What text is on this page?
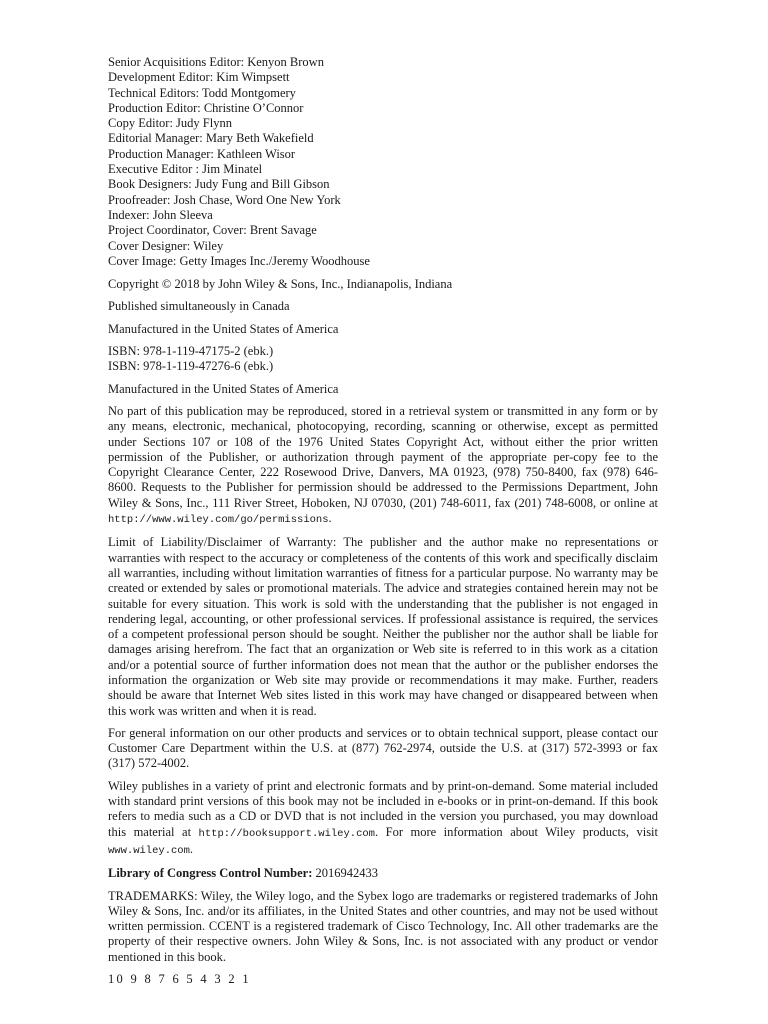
Senior Acquisitions Editor: Kenyon Brown
Development Editor: Kim Wimpsett
Technical Editors: Todd Montgomery
Production Editor: Christine O’Connor
Copy Editor: Judy Flynn
Editorial Manager: Mary Beth Wakefield
Production Manager: Kathleen Wisor
Executive Editor : Jim Minatel
Book Designers: Judy Fung and Bill Gibson
Proofreader: Josh Chase, Word One New York
Indexer: John Sleeva
Project Coordinator, Cover: Brent Savage
Cover Designer: Wiley
Cover Image: Getty Images Inc./Jeremy Woodhouse

Copyright © 2018 by John Wiley & Sons, Inc., Indianapolis, Indiana

Published simultaneously in Canada

Manufactured in the United States of America

ISBN: 978-1-119-47175-2 (ebk.)
ISBN: 978-1-119-47276-6 (ebk.)

Manufactured in the United States of America

No part of this publication may be reproduced, stored in a retrieval system or transmitted in any form or by any means, electronic, mechanical, photocopying, recording, scanning or otherwise, except as permitted under Sections 107 or 108 of the 1976 United States Copyright Act, without either the prior written permission of the Publisher, or authorization through payment of the appropriate per-copy fee to the Copyright Clearance Center, 222 Rosewood Drive, Danvers, MA 01923, (978) 750-8400, fax (978) 646-8600. Requests to the Publisher for permission should be addressed to the Permissions Department, John Wiley & Sons, Inc., 111 River Street, Hoboken, NJ 07030, (201) 748-6011, fax (201) 748-6008, or online at http://www.wiley.com/go/permissions.

Limit of Liability/Disclaimer of Warranty: The publisher and the author make no representations or warranties with respect to the accuracy or completeness of the contents of this work and specifically disclaim all warranties, including without limitation warranties of fitness for a particular purpose. No warranty may be created or extended by sales or promotional materials. The advice and strategies contained herein may not be suitable for every situation. This work is sold with the understanding that the publisher is not engaged in rendering legal, accounting, or other professional services. If professional assistance is required, the services of a competent professional person should be sought. Neither the publisher nor the author shall be liable for damages arising herefrom. The fact that an organization or Web site is referred to in this work as a citation and/or a potential source of further information does not mean that the author or the publisher endorses the information the organization or Web site may provide or recommendations it may make. Further, readers should be aware that Internet Web sites listed in this work may have changed or disappeared between when this work was written and when it is read.

For general information on our other products and services or to obtain technical support, please contact our Customer Care Department within the U.S. at (877) 762-2974, outside the U.S. at (317) 572-3993 or fax (317) 572-4002.

Wiley publishes in a variety of print and electronic formats and by print-on-demand. Some material included with standard print versions of this book may not be included in e-books or in print-on-demand. If this book refers to media such as a CD or DVD that is not included in the version you purchased, you may download this material at http://booksupport.wiley.com. For more information about Wiley products, visit www.wiley.com.

Library of Congress Control Number: 2016942433

TRADEMARKS: Wiley, the Wiley logo, and the Sybex logo are trademarks or registered trademarks of John Wiley & Sons, Inc. and/or its affiliates, in the United States and other countries, and may not be used without written permission. CCENT is a registered trademark of Cisco Technology, Inc. All other trademarks are the property of their respective owners. John Wiley & Sons, Inc. is not associated with any product or vendor mentioned in this book.

10 9 8 7 6 5 4 3 2 1
